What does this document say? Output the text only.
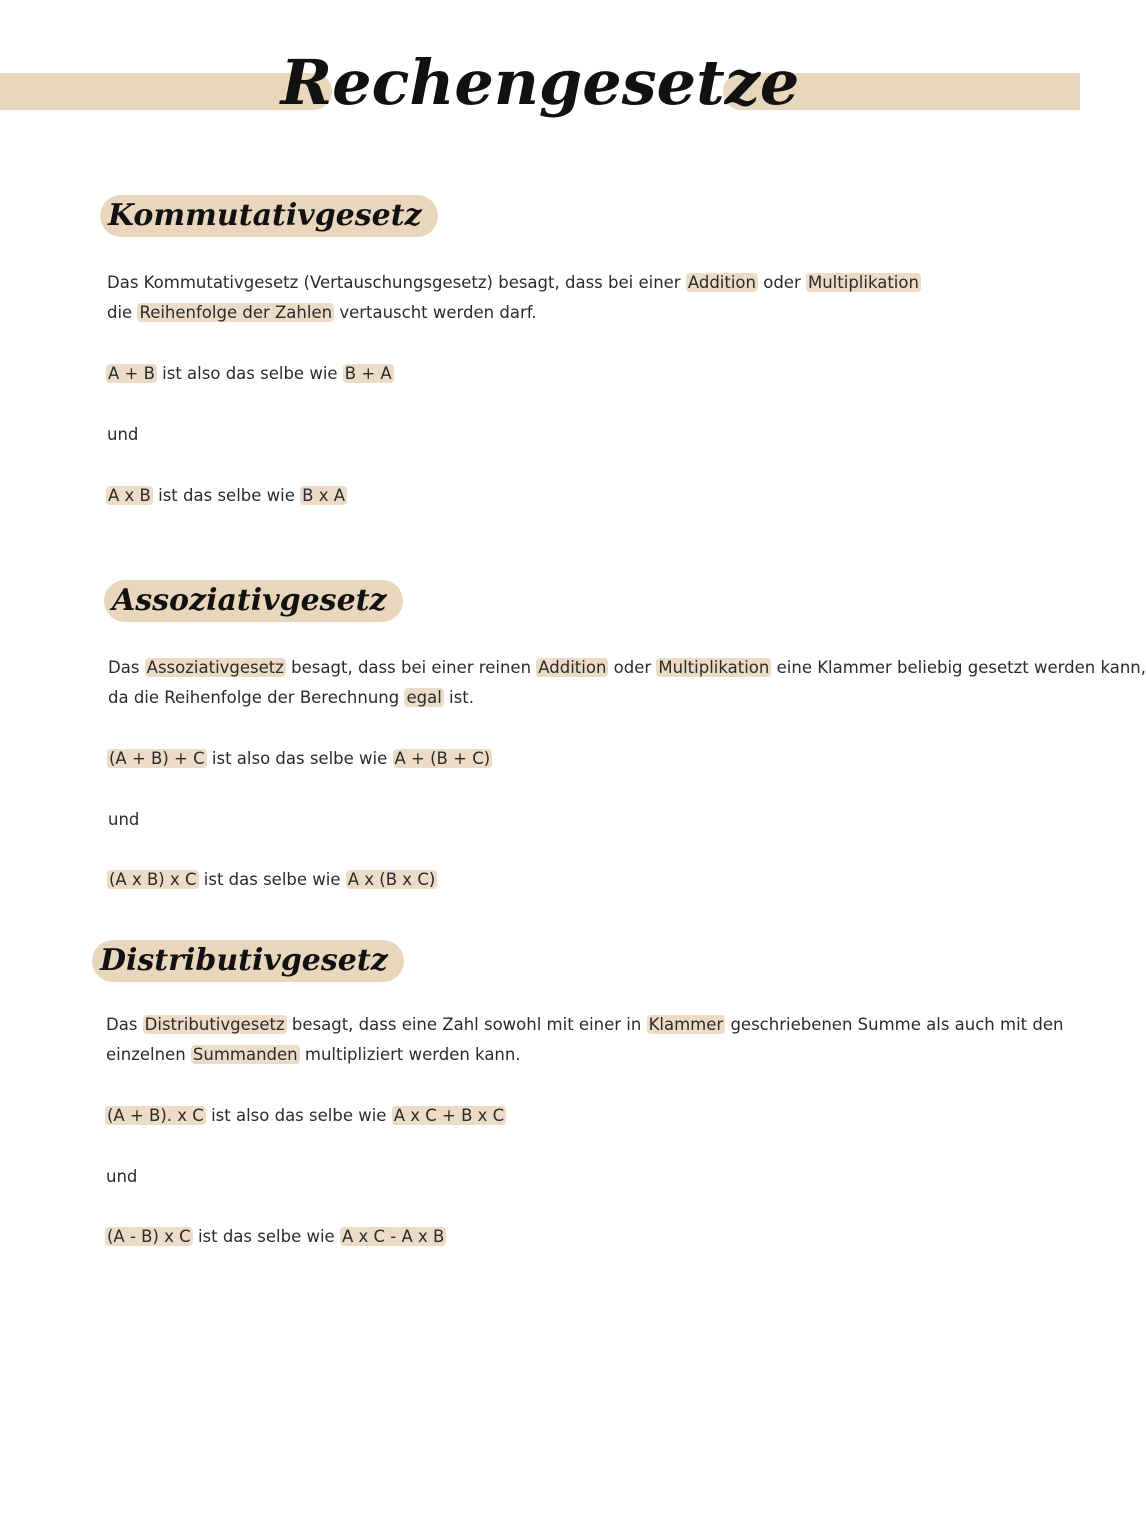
Rechengesetze
Kommutativgesetz
Das Kommutativgesetz (Vertauschungsgesetz) besagt, dass bei einer Addition oder Multiplikation
die Reihenfolge der Zahlen vertauscht werden darf.
A + B ist also das selbe wie B + A
und
A x B ist das selbe wie B x A
Assoziativgesetz
Das Assoziativgesetz besagt, dass bei einer reinen Addition oder Multiplikation eine Klammer beliebig gesetzt werden kann,
da die Reihenfolge der Berechnung egal ist.
(A + B) + C ist also das selbe wie A + (B + C)
und
(A x B) x C ist das selbe wie A x (B x C)
Distributivgesetz
Das Distributivgesetz besagt, dass eine Zahl sowohl mit einer in Klammer geschriebenen Summe als auch mit den
einzelnen Summanden multipliziert werden kann.
(A + B). x C ist also das selbe wie A x C + B x C
und
(A - B) x C ist das selbe wie A x C - A x B
